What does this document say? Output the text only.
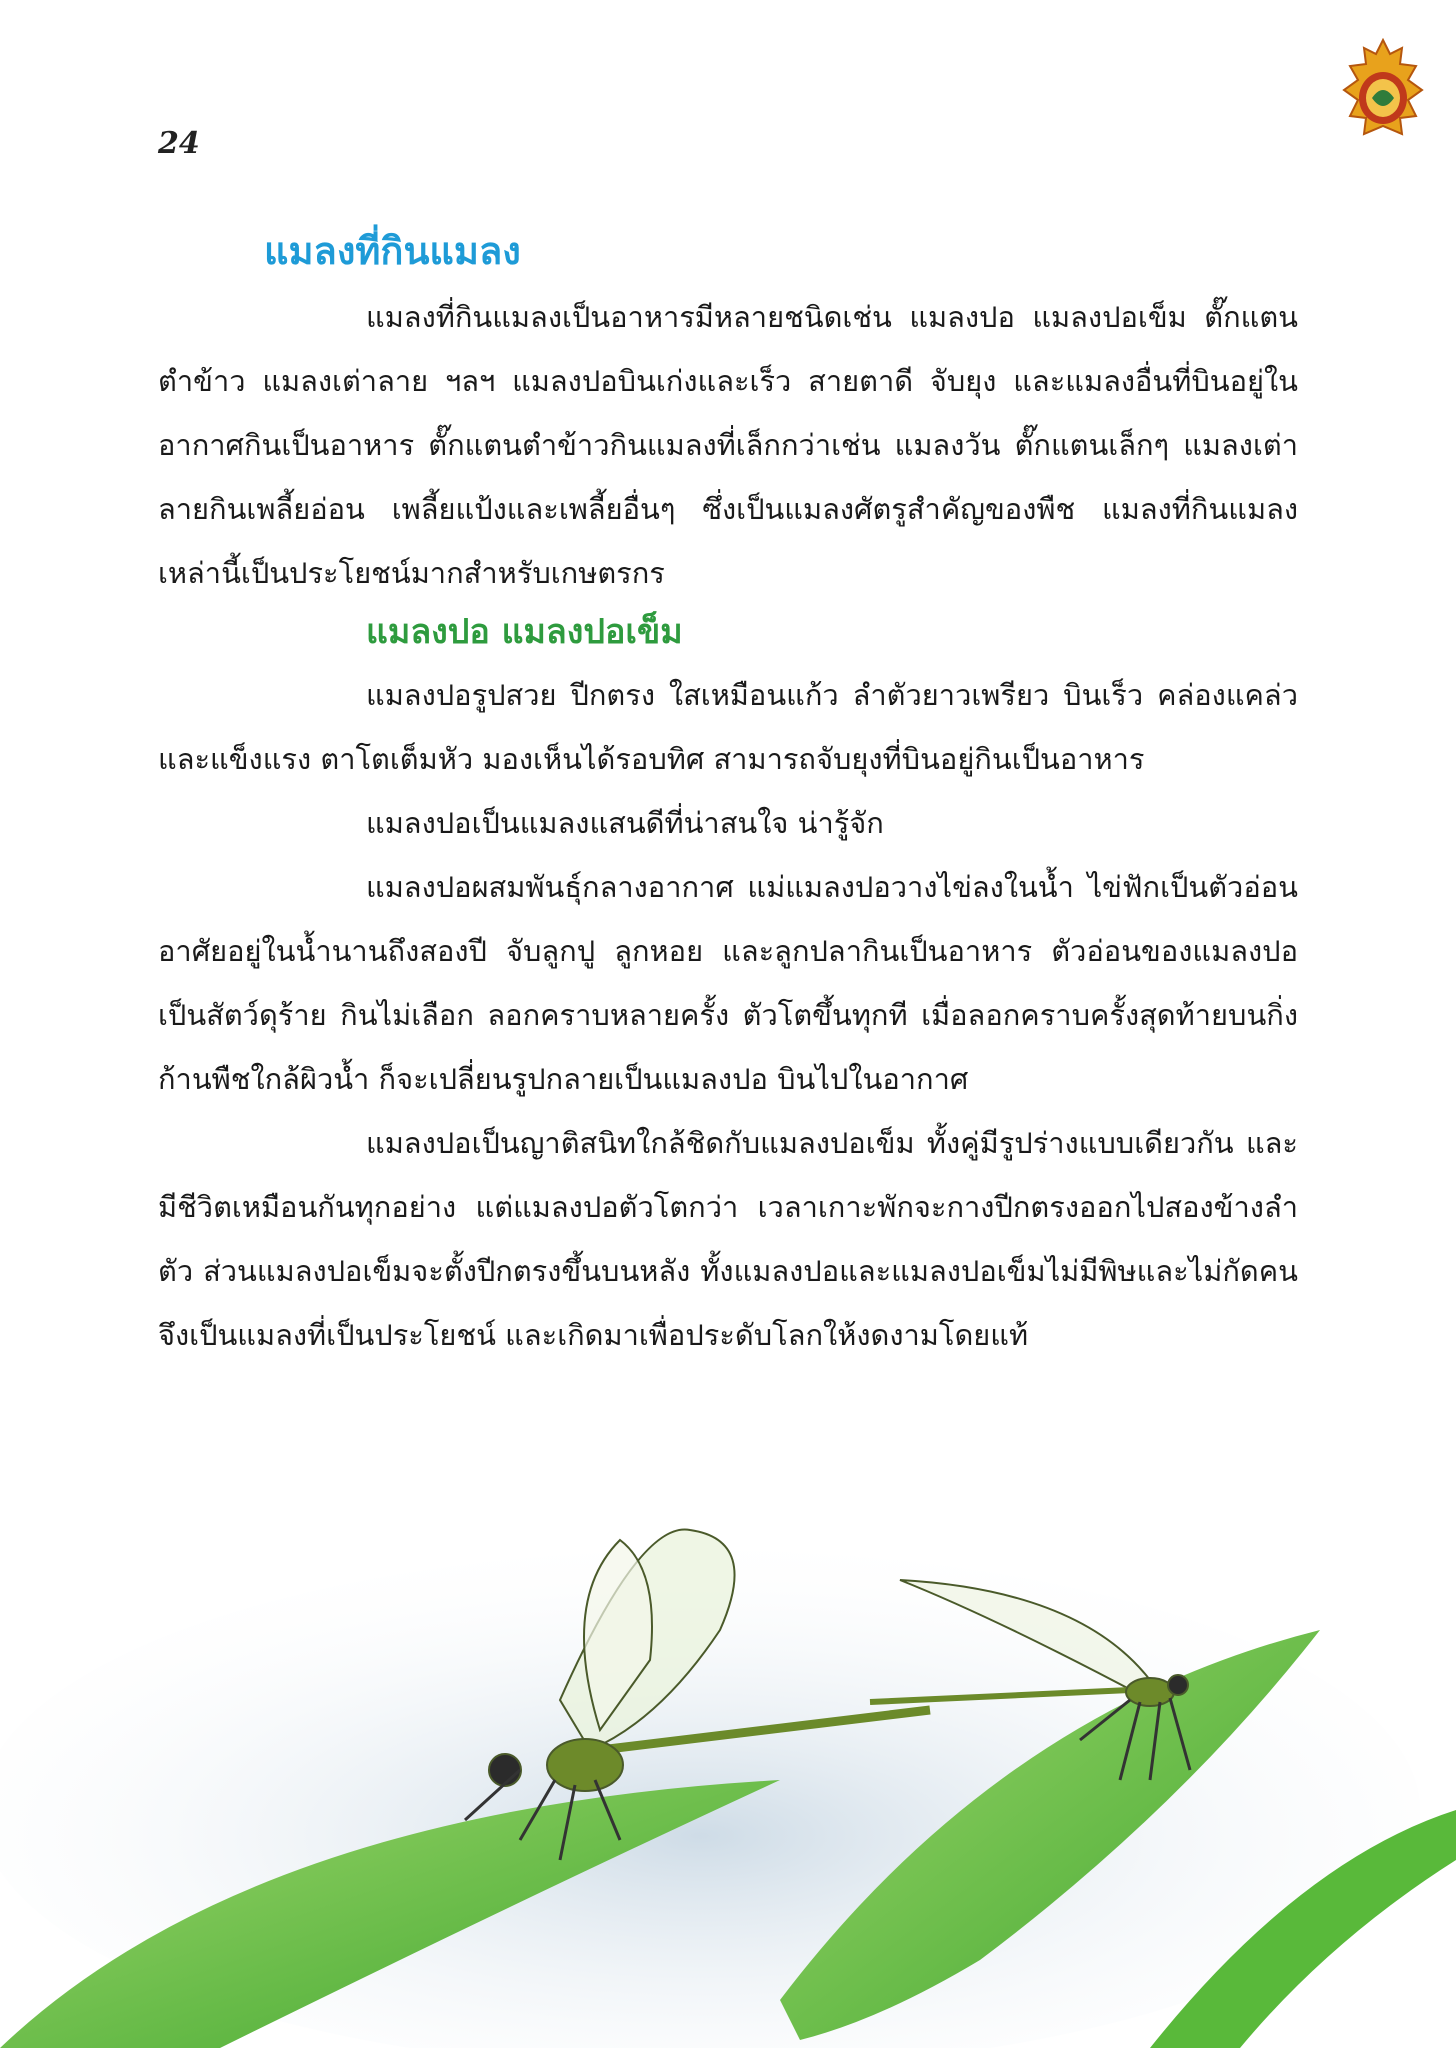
24
แมลงที่กินแมลง

แมลงที่กินแมลงเป็นอาหารมีหลายชนิดเช่น แมลงปอ แมลงปอเข็ม ตั๊กแตนตำข้าว แมลงเต่าลาย ฯลฯ แมลงปอบินเก่งและเร็ว สายตาดี จับยุง และแมลงอื่นที่บินอยู่ในอากาศกินเป็นอาหาร ตั๊กแตนตำข้าวกินแมลงที่เล็กกว่าเช่น แมลงวัน ตั๊กแตนเล็กๆ แมลงเต่าลายกินเพลี้ยอ่อน เพลี้ยแป้งและเพลี้ยอื่นๆ ซึ่งเป็นแมลงศัตรูสำคัญของพืช แมลงที่กินแมลงเหล่านี้เป็นประโยชน์มากสำหรับเกษตรกร

แมลงปอ แมลงปอเข็ม

แมลงปอรูปสวย ปีกตรง ใสเหมือนแก้ว ลำตัวยาวเพรียว บินเร็ว คล่องแคล่ว และแข็งแรง ตาโตเต็มหัว มองเห็นได้รอบทิศ สามารถจับยุงที่บินอยู่กินเป็นอาหาร

แมลงปอเป็นแมลงแสนดีที่น่าสนใจ น่ารู้จัก

แมลงปอผสมพันธุ์กลางอากาศ แม่แมลงปอวางไข่ลงในน้ำ ไข่ฟักเป็นตัวอ่อนอาศัยอยู่ในน้ำนานถึงสองปี จับลูกปู ลูกหอย และลูกปลากินเป็นอาหาร ตัวอ่อนของแมลงปอเป็นสัตว์ดุร้าย กินไม่เลือก ลอกคราบหลายครั้ง ตัวโตขึ้นทุกที เมื่อลอกคราบครั้งสุดท้ายบนกิ่งก้านพืชใกล้ผิวน้ำ ก็จะเปลี่ยนรูปกลายเป็นแมลงปอ บินไปในอากาศ

แมลงปอเป็นญาติสนิทใกล้ชิดกับแมลงปอเข็ม ทั้งคู่มีรูปร่างแบบเดียวกัน และมีชีวิตเหมือนกันทุกอย่าง แต่แมลงปอตัวโตกว่า เวลาเกาะพักจะกางปีกตรงออกไปสองข้างลำตัว ส่วนแมลงปอเข็มจะตั้งปีกตรงขึ้นบนหลัง ทั้งแมลงปอและแมลงปอเข็มไม่มีพิษและไม่กัดคน จึงเป็นแมลงที่เป็นประโยชน์ และเกิดมาเพื่อประดับโลกให้งดงามโดยแท้
